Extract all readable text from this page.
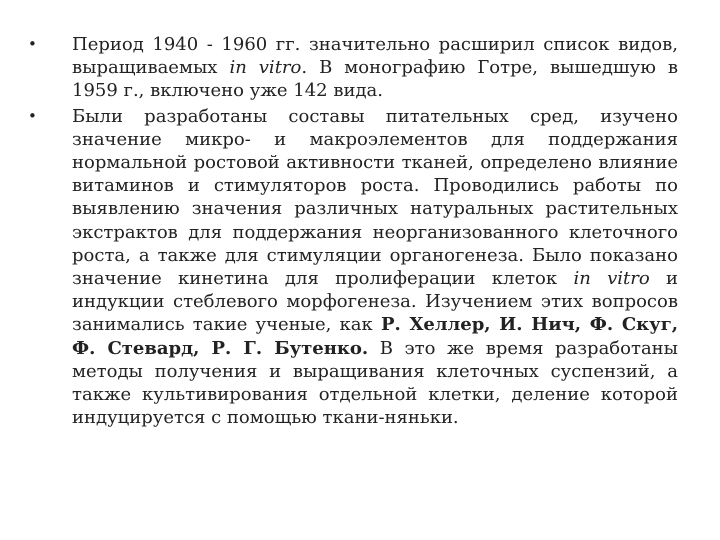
•	Период 1940 - 1960 гг. значительно расширил список видов, выращиваемых in vitro. В монографию Готре, вышедшую в 1959 г., включено уже 142 вида.
•	Были разработаны составы питательных сред, изучено значение микро- и макроэлементов для поддержания нормальной ростовой активности тканей, определено влияние витаминов и стимуляторов роста. Проводились работы по выявлению значения различных натуральных растительных экстрактов для поддержания неорганизованного клеточного роста, а также для стимуляции органогенеза. Было показано значение кинетина для пролиферации клеток in vitro и индукции стеблевого морфогенеза. Изучением этих вопросов занимались такие ученые, как Р. Хеллер, И. Нич, Ф. Скуг, Ф. Стевард, Р. Г. Бутенко. В это же время разработаны методы получения и выращивания клеточных суспензий, а также культивирования отдельной клетки, деление которой индуцируется с помощью ткани-няньки.
